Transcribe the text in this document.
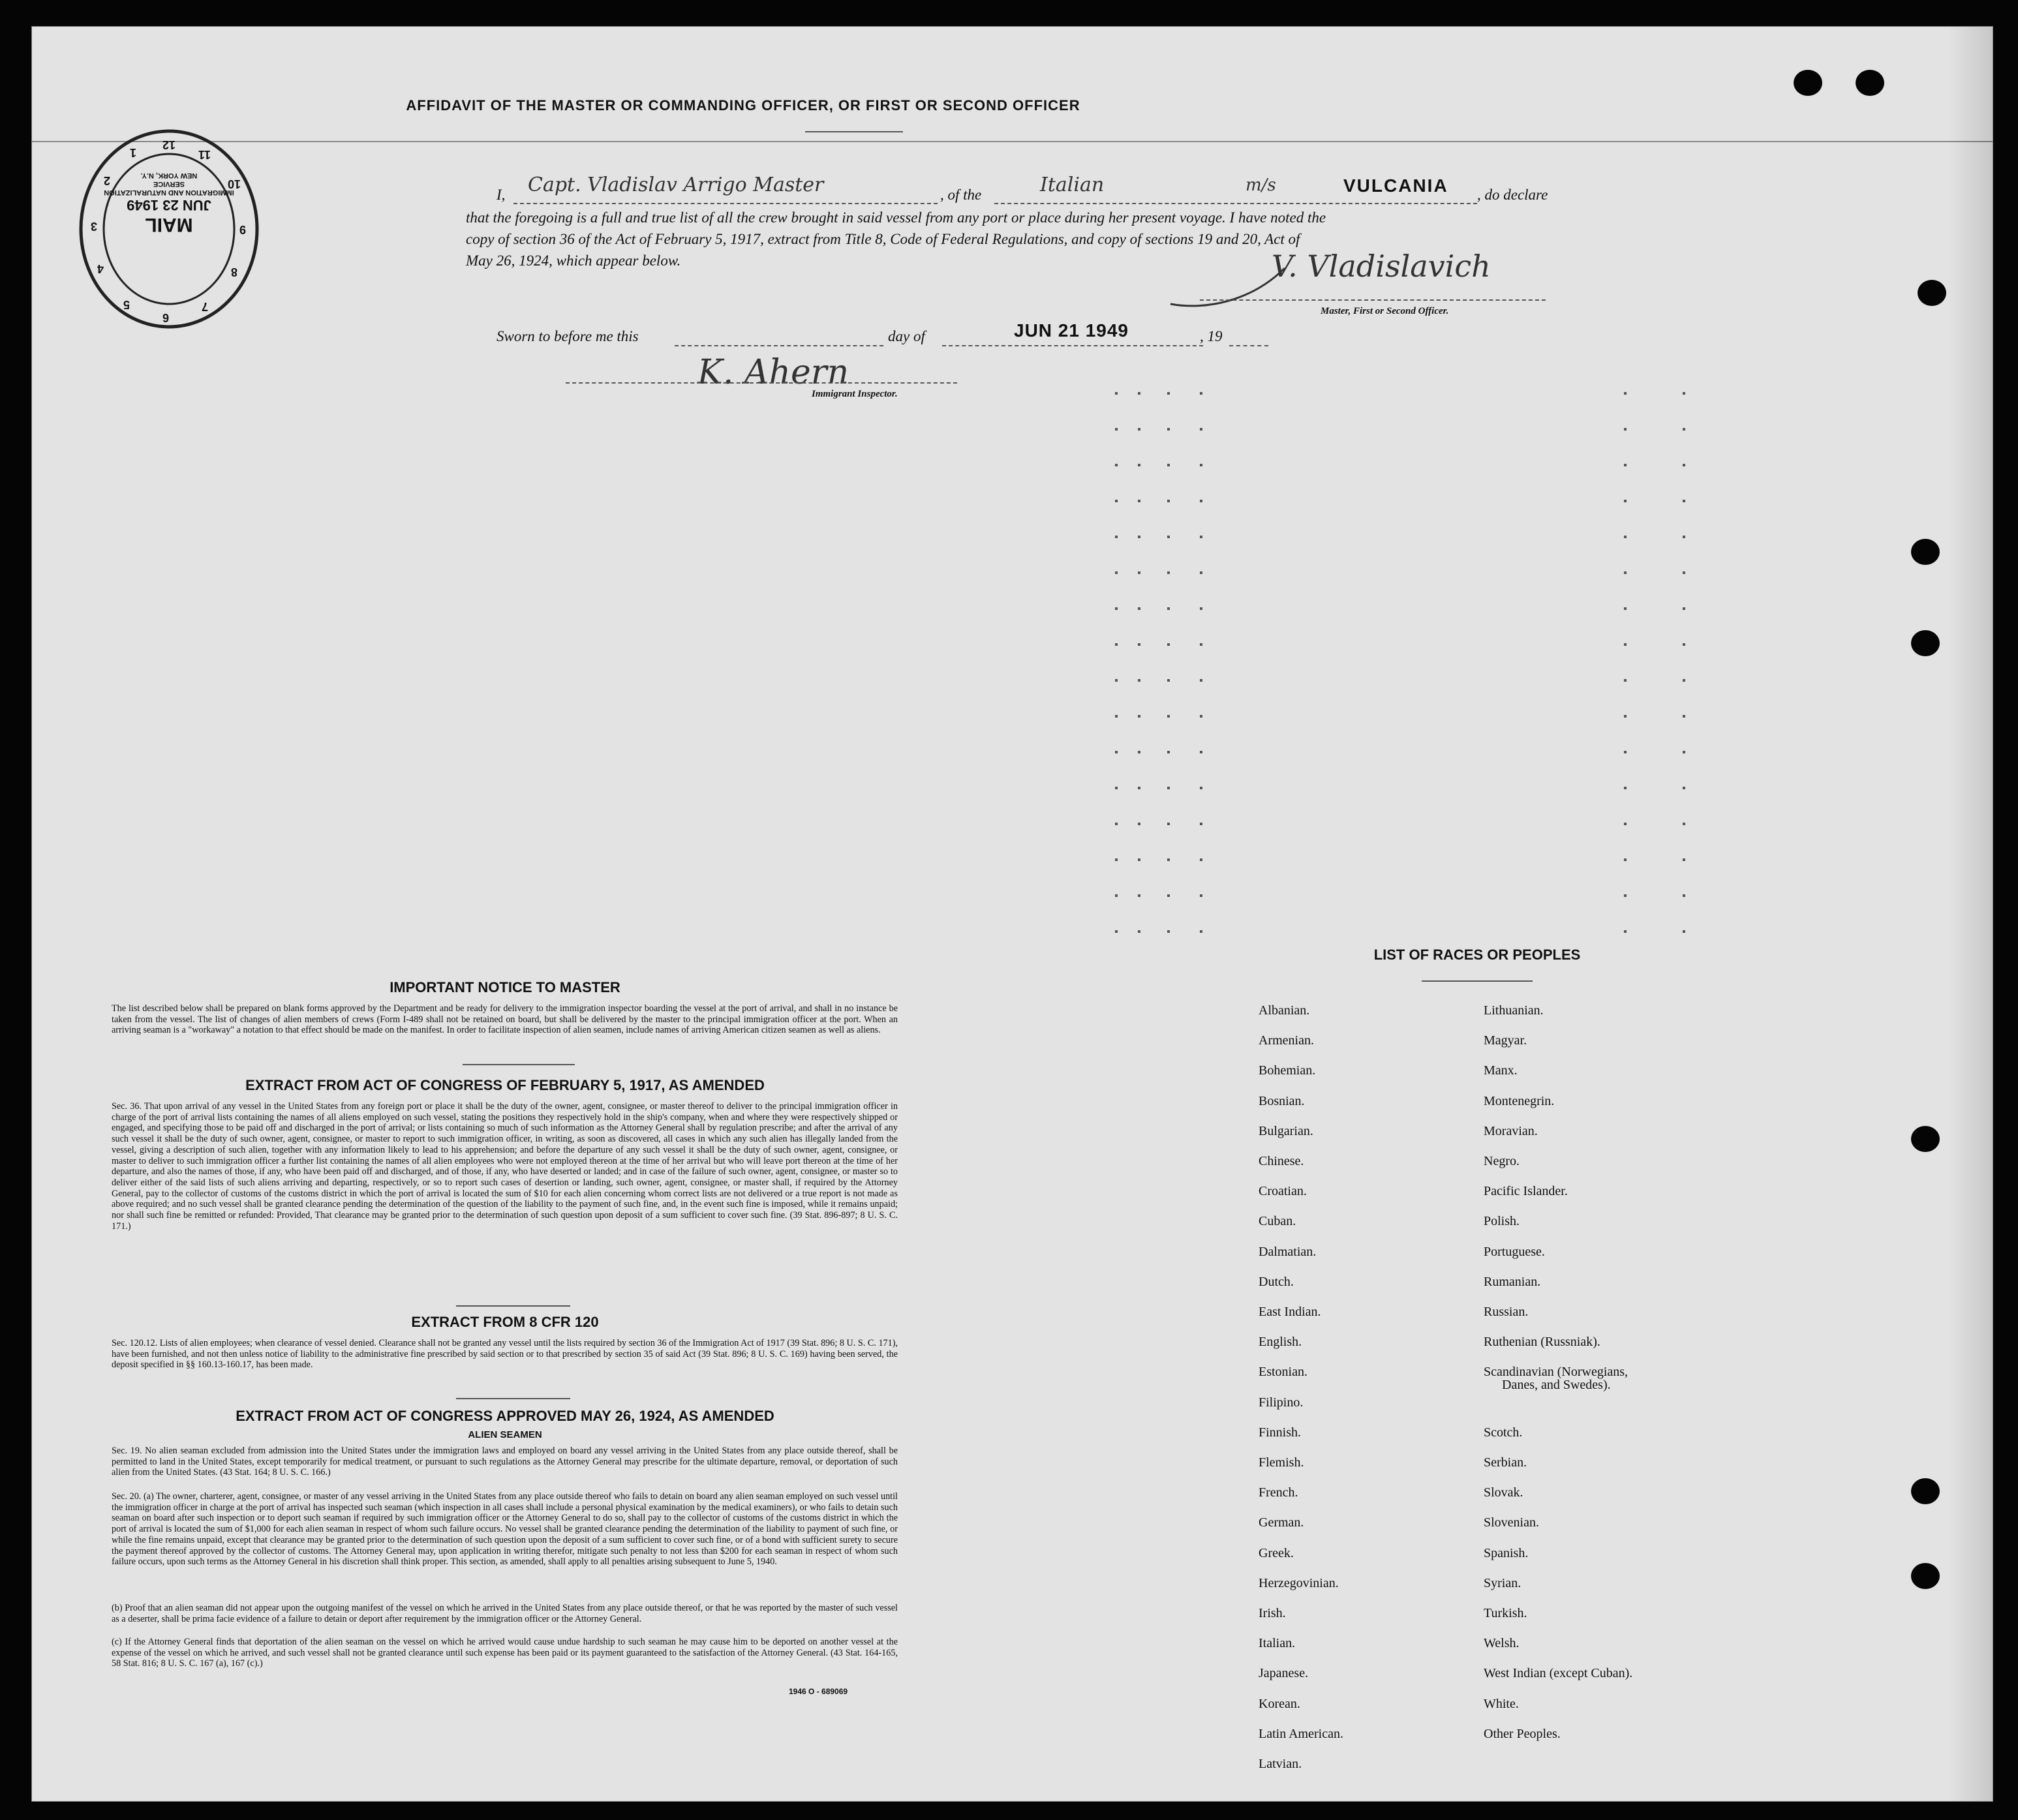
AFFIDAVIT OF THE MASTER OR COMMANDING OFFICER, OR FIRST OR SECOND OFFICER
MAIL
JUN 23 1949
IMMIGRATION AND NATURALIZATION SERVICE
NEW YORK, N.Y.
12
1
2
3
4
5
6
7
8
9
10
11
I, Capt. Vladislav Arrigo Master	, of the	Italian	m/s	VULCANIA , do declare
that the foregoing is a full and true list of all the crew brought in said vessel from any port or place during her present voyage. I have noted the
copy of section 36 of the Act of February 5, 1917, extract from Title 8, Code of Federal Regulations, and copy of sections 19 and 20, Act of
May 26, 1924, which appear below.	V. Vladislavich
Master, First or Second Officer.
Sworn to before me this	day of	JUN 21 1949	, 19
K. Ahern
Immigrant Inspector.
IMPORTANT NOTICE TO MASTER
The list described below shall be prepared on blank forms approved by the Department and be ready for delivery to the immigration inspector boarding the vessel at the port of arrival, and shall in no instance be taken from the vessel. The list of changes of alien members of crews (Form I-489 shall not be retained on board, but shall be delivered by the master to the principal immigration officer at the port. When an arriving seaman is a "workaway" a notation to that effect should be made on the manifest. In order to facilitate inspection of alien seamen, include names of arriving American citizen seamen as well as aliens.
EXTRACT FROM ACT OF CONGRESS OF FEBRUARY 5, 1917, AS AMENDED
Sec. 36. That upon arrival of any vessel in the United States from any foreign port or place it shall be the duty of the owner, agent, consignee, or master thereof to deliver to the principal immigration officer in charge of the port of arrival lists containing the names of all aliens employed on such vessel, stating the positions they respectively hold in the ship's company, when and where they were respectively shipped or engaged, and specifying those to be paid off and discharged in the port of arrival; or lists containing so much of such information as the Attorney General shall by regulation prescribe; and after the arrival of any such vessel it shall be the duty of such owner, agent, consignee, or master to report to such immigration officer, in writing, as soon as discovered, all cases in which any such alien has illegally landed from the vessel, giving a description of such alien, together with any information likely to lead to his apprehension; and before the departure of any such vessel it shall be the duty of such owner, agent, consignee, or master to deliver to such immigration officer a further list containing the names of all alien employees who were not employed thereon at the time of her arrival but who will leave port thereon at the time of her departure, and also the names of those, if any, who have been paid off and discharged, and of those, if any, who have deserted or landed; and in case of the failure of such owner, agent, consignee, or master so to deliver either of the said lists of such aliens arriving and departing, respectively, or so to report such cases of desertion or landing, such owner, agent, consignee, or master shall, if required by the Attorney General, pay to the collector of customs of the customs district in which the port of arrival is located the sum of $10 for each alien concerning whom correct lists are not delivered or a true report is not made as above required; and no such vessel shall be granted clearance pending the determination of the question of the liability to the payment of such fine, and, in the event such fine is imposed, while it remains unpaid; nor shall such fine be remitted or refunded: Provided, That clearance may be granted prior to the determination of such question upon deposit of a sum sufficient to cover such fine. (39 Stat. 896-897; 8 U. S. C. 171.)
EXTRACT FROM 8 CFR 120
Sec. 120.12. Lists of alien employees; when clearance of vessel denied. Clearance shall not be granted any vessel until the lists required by section 36 of the Immigration Act of 1917 (39 Stat. 896; 8 U. S. C. 171), have been furnished, and not then unless notice of liability to the administrative fine prescribed by said section or to that prescribed by section 35 of said Act (39 Stat. 896; 8 U. S. C. 169) having been served, the deposit specified in §§ 160.13-160.17, has been made.
EXTRACT FROM ACT OF CONGRESS APPROVED MAY 26, 1924, AS AMENDED
ALIEN SEAMEN
Sec. 19. No alien seaman excluded from admission into the United States under the immigration laws and employed on board any vessel arriving in the United States from any place outside thereof, shall be permitted to land in the United States, except temporarily for medical treatment, or pursuant to such regulations as the Attorney General may prescribe for the ultimate departure, removal, or deportation of such alien from the United States. (43 Stat. 164; 8 U. S. C. 166.)
Sec. 20. (a) The owner, charterer, agent, consignee, or master of any vessel arriving in the United States from any place outside thereof who fails to detain on board any alien seaman employed on such vessel until the immigration officer in charge at the port of arrival has inspected such seaman (which inspection in all cases shall include a personal physical examination by the medical examiners), or who fails to detain such seaman on board after such inspection or to deport such seaman if required by such immigration officer or the Attorney General to do so, shall pay to the collector of customs of the customs district in which the port of arrival is located the sum of $1,000 for each alien seaman in respect of whom such failure occurs. No vessel shall be granted clearance pending the determination of the liability to payment of such fine, or while the fine remains unpaid, except that clearance may be granted prior to the determination of such question upon the deposit of a sum sufficient to cover such fine, or of a bond with sufficient surety to secure the payment thereof approved by the collector of customs. The Attorney General may, upon application in writing therefor, mitigate such penalty to not less than $200 for each seaman in respect of whom such failure occurs, upon such terms as the Attorney General in his discretion shall think proper. This section, as amended, shall apply to all penalties arising subsequent to June 5, 1940.
(b) Proof that an alien seaman did not appear upon the outgoing manifest of the vessel on which he arrived in the United States from any place outside thereof, or that he was reported by the master of such vessel as a deserter, shall be prima facie evidence of a failure to detain or deport after requirement by the immigration officer or the Attorney General.
(c) If the Attorney General finds that deportation of the alien seaman on the vessel on which he arrived would cause undue hardship to such seaman he may cause him to be deported on another vessel at the expense of the vessel on which he arrived, and such vessel shall not be granted clearance until such expense has been paid or its payment guaranteed to the satisfaction of the Attorney General. (43 Stat. 164-165, 58 Stat. 816; 8 U. S. C. 167 (a), 167 (c).)
1946 O - 689069
LIST OF RACES OR PEOPLES
Albanian.
Armenian.
Bohemian.
Bosnian.
Bulgarian.
Chinese.
Croatian.
Cuban.
Dalmatian.
Dutch.
East Indian.
English.
Estonian.
Filipino.
Finnish.
Flemish.
French.
German.
Greek.
Herzegovinian.
Irish.
Italian.
Japanese.
Korean.
Latin American.
Latvian.
Lithuanian.
Magyar.
Manx.
Montenegrin.
Moravian.
Negro.
Pacific Islander.
Polish.
Portuguese.
Rumanian.
Russian.
Ruthenian (Russniak).
Scandinavian (Norwegians,
Danes, and Swedes).
Scotch.
Serbian.
Slovak.
Slovenian.
Spanish.
Syrian.
Turkish.
Welsh.
West Indian (except Cuban).
White.
Other Peoples.
